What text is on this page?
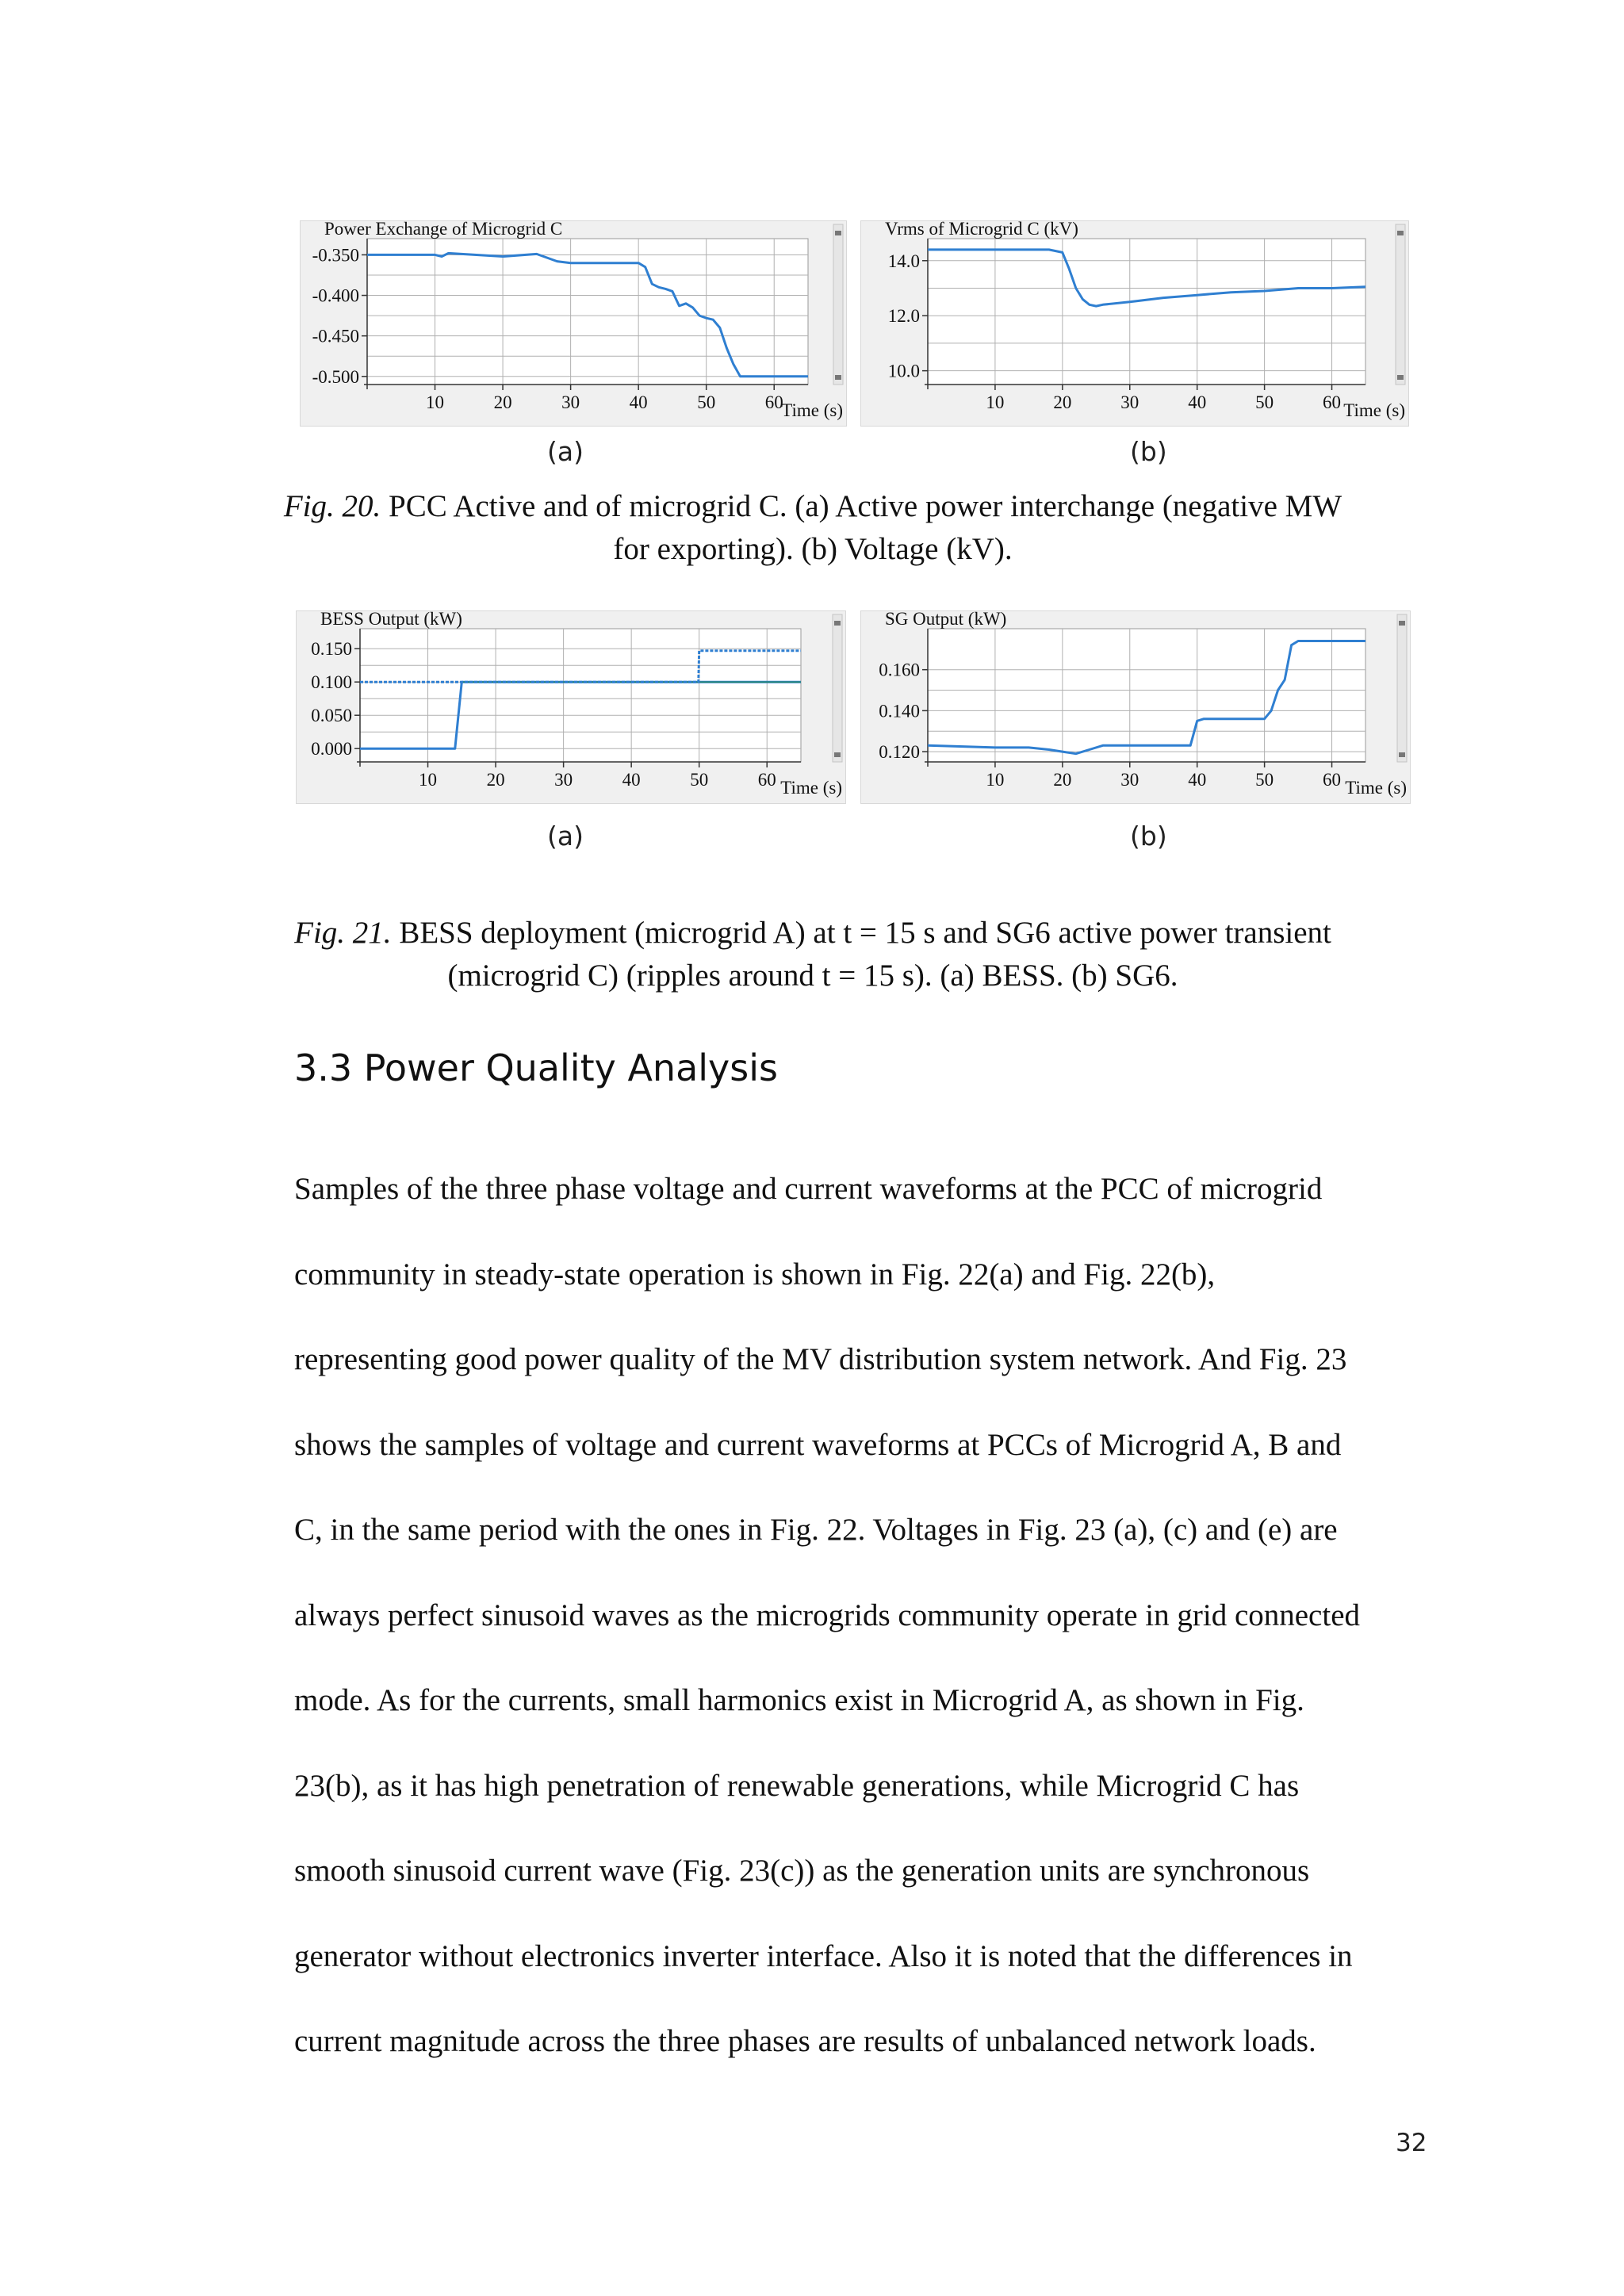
-0.350
-0.400
-0.450
-0.500
10	20	30	40	50	60
Power Exchange of Microgrid C
Time (s)
14.0
12.0
10.0
10	20	30	40	50	60
Vrms of Microgrid C (kV)
Time (s)
(a)	(b)
Fig. 20. PCC Active and of microgrid C. (a) Active power interchange (negative MW
for exporting). (b) Voltage (kV).
0.150
0.100
0.050
0.000
10	20	30	40	50	60
BESS Output (kW)
Time (s)
0.160
0.140
0.120
10	20	30	40	50	60
SG Output (kW)
Time (s)
(a)	(b)
Fig. 21. BESS deployment (microgrid A) at t = 15 s and SG6 active power transient
(microgrid C) (ripples around t = 15 s). (a) BESS. (b) SG6.
3.3 Power Quality Analysis
Samples of the three phase voltage and current waveforms at the PCC of microgrid
community in steady-state operation is shown in Fig. 22(a) and Fig. 22(b),
representing good power quality of the MV distribution system network. And Fig. 23
shows the samples of voltage and current waveforms at PCCs of Microgrid A, B and
C, in the same period with the ones in Fig. 22. Voltages in Fig. 23 (a), (c) and (e) are
always perfect sinusoid waves as the microgrids community operate in grid connected
mode. As for the currents, small harmonics exist in Microgrid A, as shown in Fig.
23(b), as it has high penetration of renewable generations, while Microgrid C has
smooth sinusoid current wave (Fig. 23(c)) as the generation units are synchronous
generator without electronics inverter interface. Also it is noted that the differences in
current magnitude across the three phases are results of unbalanced network loads.
32
